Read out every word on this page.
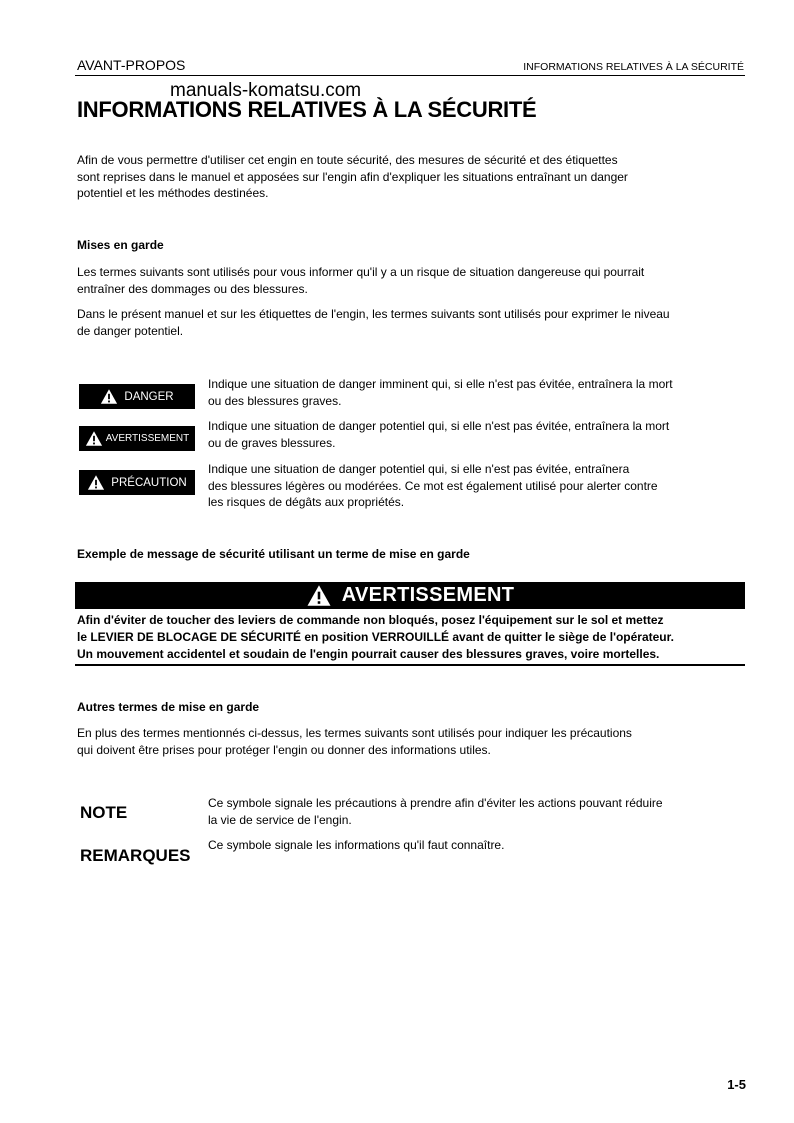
AVANT-PROPOS	INFORMATIONS RELATIVES À LA SÉCURITÉ
manuals-komatsu.com
INFORMATIONS RELATIVES À LA SÉCURITÉ
Afin de vous permettre d'utiliser cet engin en toute sécurité, des mesures de sécurité et des étiquettes
sont reprises dans le manuel et apposées sur l'engin afin d'expliquer les situations entraînant un danger
potentiel et les méthodes destinées.
Mises en garde
Les termes suivants sont utilisés pour vous informer qu'il y a un risque de situation dangereuse qui pourrait
entraîner des dommages ou des blessures.
Dans le présent manuel et sur les étiquettes de l'engin, les termes suivants sont utilisés pour exprimer le niveau
de danger potentiel.
DANGER
Indique une situation de danger imminent qui, si elle n'est pas évitée, entraînera la mort
ou des blessures graves.
AVERTISSEMENT
Indique une situation de danger potentiel qui, si elle n'est pas évitée, entraînera la mort
ou de graves blessures.
PRÉCAUTION
Indique une situation de danger potentiel qui, si elle n'est pas évitée, entraînera
des blessures légères ou modérées. Ce mot est également utilisé pour alerter contre
les risques de dégâts aux propriétés.
Exemple de message de sécurité utilisant un terme de mise en garde
AVERTISSEMENT
Afin d'éviter de toucher des leviers de commande non bloqués, posez l'équipement sur le sol et mettez
le LEVIER DE BLOCAGE DE SÉCURITÉ en position VERROUILLÉ avant de quitter le siège de l'opérateur.
Un mouvement accidentel et soudain de l'engin pourrait causer des blessures graves, voire mortelles.
Autres termes de mise en garde
En plus des termes mentionnés ci-dessus, les termes suivants sont utilisés pour indiquer les précautions
qui doivent être prises pour protéger l'engin ou donner des informations utiles.
NOTE	Ce symbole signale les précautions à prendre afin d'éviter les actions pouvant réduire
la vie de service de l'engin.
REMARQUES
Ce symbole signale les informations qu'il faut connaître.
1-5
